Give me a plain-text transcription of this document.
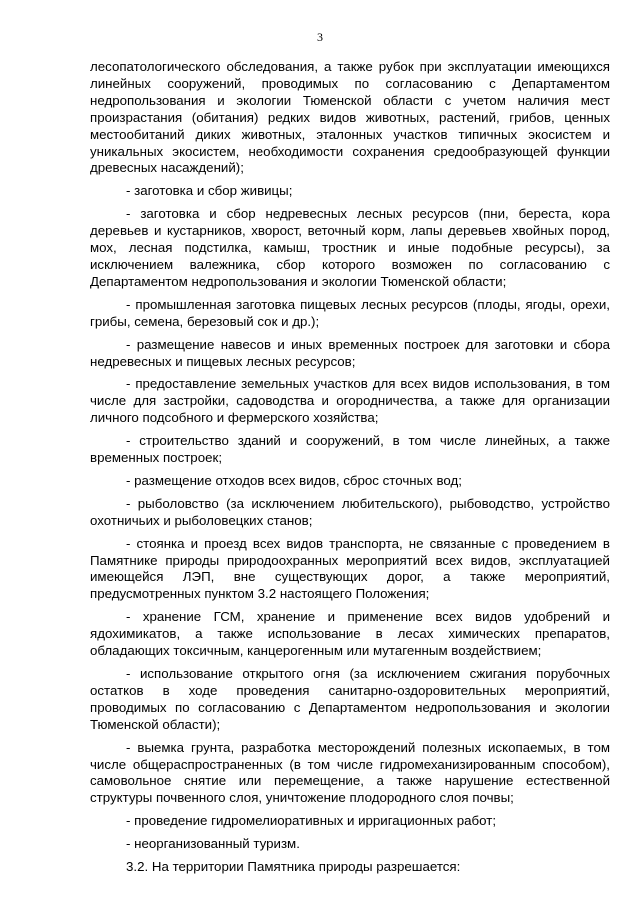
3

лесопатологического обследования, а также рубок при эксплуатации имеющихся линейных сооружений, проводимых по согласованию с Департаментом недропользования и экологии Тюменской области с учетом наличия мест произрастания (обитания) редких видов животных, растений, грибов, ценных местообитаний диких животных, эталонных участков типичных экосистем и уникальных экосистем, необходимости сохранения средообразующей функции древесных насаждений);

- заготовка и сбор живицы;

- заготовка и сбор недревесных лесных ресурсов (пни, береста, кора деревьев и кустарников, хворост, веточный корм, лапы деревьев хвойных пород, мох, лесная подстилка, камыш, тростник и иные подобные ресурсы), за исключением валежника, сбор которого возможен по согласованию с Департаментом недропользования и экологии Тюменской области;

- промышленная заготовка пищевых лесных ресурсов (плоды, ягоды, орехи, грибы, семена, березовый сок и др.);

- размещение навесов и иных временных построек для заготовки и сбора недревесных и пищевых лесных ресурсов;

- предоставление земельных участков для всех видов использования, в том числе для застройки, садоводства и огородничества, а также для организации личного подсобного и фермерского хозяйства;

- строительство зданий и сооружений, в том числе линейных, а также временных построек;

- размещение отходов всех видов, сброс сточных вод;

- рыболовство (за исключением любительского), рыбоводство, устройство охотничьих и рыболовецких станов;

- стоянка и проезд всех видов транспорта, не связанные с проведением в Памятнике природы природоохранных мероприятий всех видов, эксплуатацией имеющейся ЛЭП, вне существующих дорог, а также мероприятий, предусмотренных пунктом 3.2 настоящего Положения;

- хранение ГСМ, хранение и применение всех видов удобрений и ядохимикатов, а также использование в лесах химических препаратов, обладающих токсичным, канцерогенным или мутагенным воздействием;

- использование открытого огня (за исключением сжигания порубочных остатков в ходе проведения санитарно-оздоровительных мероприятий, проводимых по согласованию с Департаментом недропользования и экологии Тюменской области);

- выемка грунта, разработка месторождений полезных ископаемых, в том числе общераспространенных (в том числе гидромеханизированным способом), самовольное снятие или перемещение, а также нарушение естественной структуры почвенного слоя, уничтожение плодородного слоя почвы;

- проведение гидромелиоративных и ирригационных работ;

- неорганизованный туризм.

3.2. На территории Памятника природы разрешается:
